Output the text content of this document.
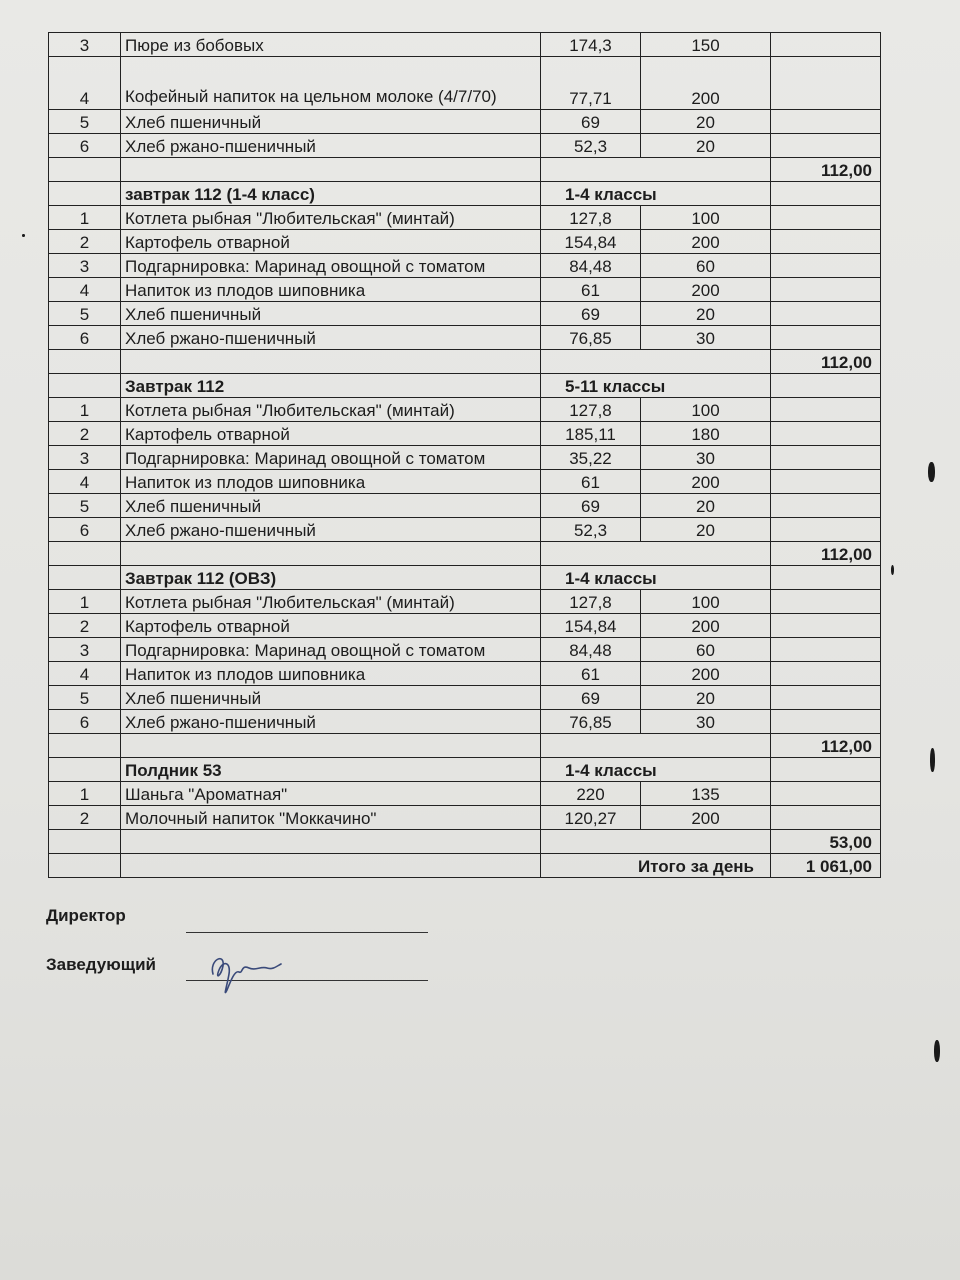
3	Пюре из бобовых	174,3	150	
4	Кофейный напиток на цельном молоке (4/7/70)	77,71	200	
5	Хлеб пшеничный	69	20	
6	Хлеб ржано-пшеничный	52,3	20	
				112,00
	завтрак 112 (1-4 класс)	1-4 классы		
1	Котлета рыбная "Любительская" (минтай)	127,8	100	
2	Картофель отварной	154,84	200	
3	Подгарнировка: Маринад овощной с томатом	84,48	60	
4	Напиток из плодов шиповника	61	200	
5	Хлеб пшеничный	69	20	
6	Хлеб ржано-пшеничный	76,85	30	
				112,00
	Завтрак 112	5-11 классы		
1	Котлета рыбная "Любительская" (минтай)	127,8	100	
2	Картофель отварной	185,11	180	
3	Подгарнировка: Маринад овощной с томатом	35,22	30	
4	Напиток из плодов шиповника	61	200	
5	Хлеб пшеничный	69	20	
6	Хлеб ржано-пшеничный	52,3	20	
				112,00
	Завтрак 112 (ОВЗ)	1-4 классы		
1	Котлета рыбная "Любительская" (минтай)	127,8	100	
2	Картофель отварной	154,84	200	
3	Подгарнировка: Маринад овощной с томатом	84,48	60	
4	Напиток из плодов шиповника	61	200	
5	Хлеб пшеничный	69	20	
6	Хлеб ржано-пшеничный	76,85	30	
				112,00
	Полдник 53	1-4 классы		
1	Шаньга "Ароматная"	220	135	
2	Молочный напиток "Моккачино"	120,27	200	
				53,00
		Итого за день		1 061,00
Директор
Заведующий
